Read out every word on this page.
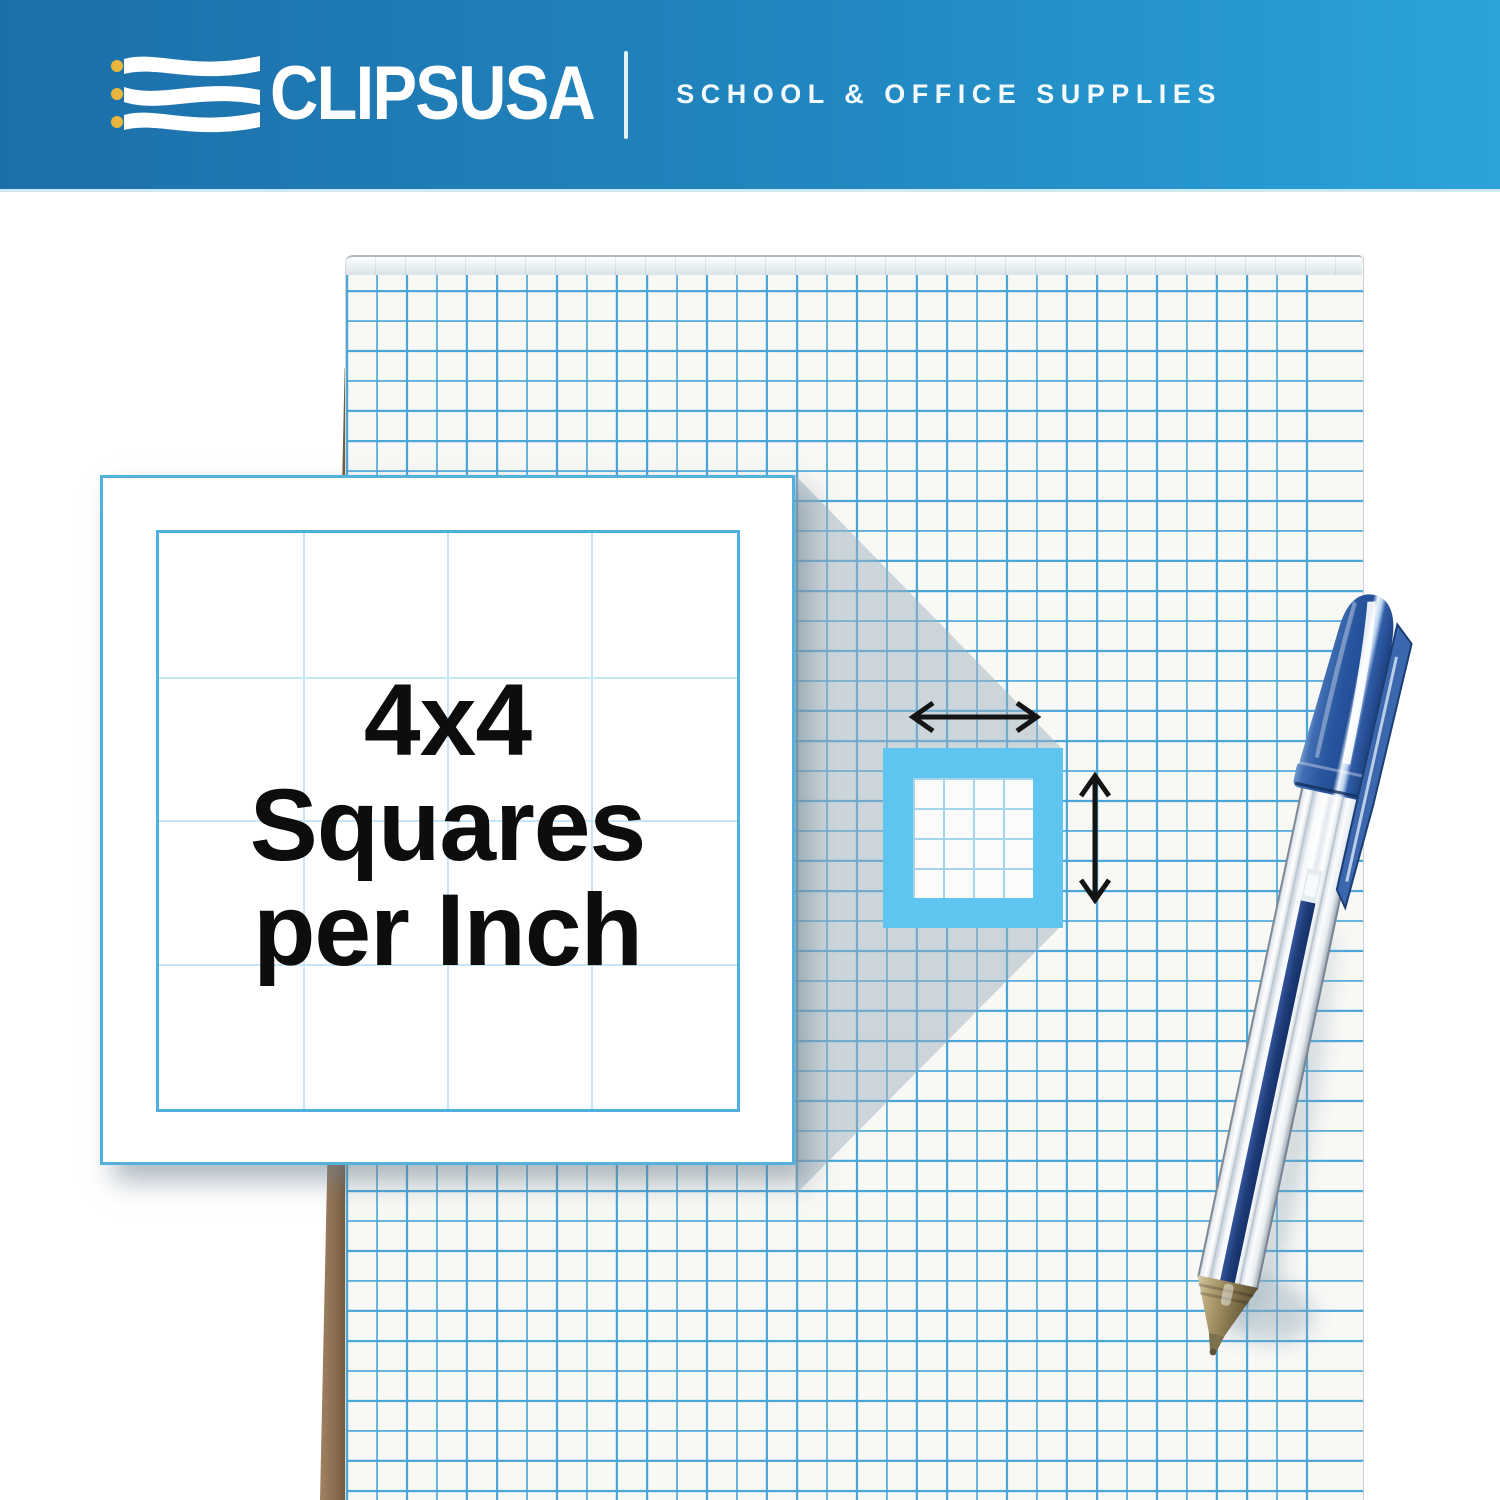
CLIPSUSA	SCHOOL & OFFICE SUPPLIES
4x4
Squares
per Inch
